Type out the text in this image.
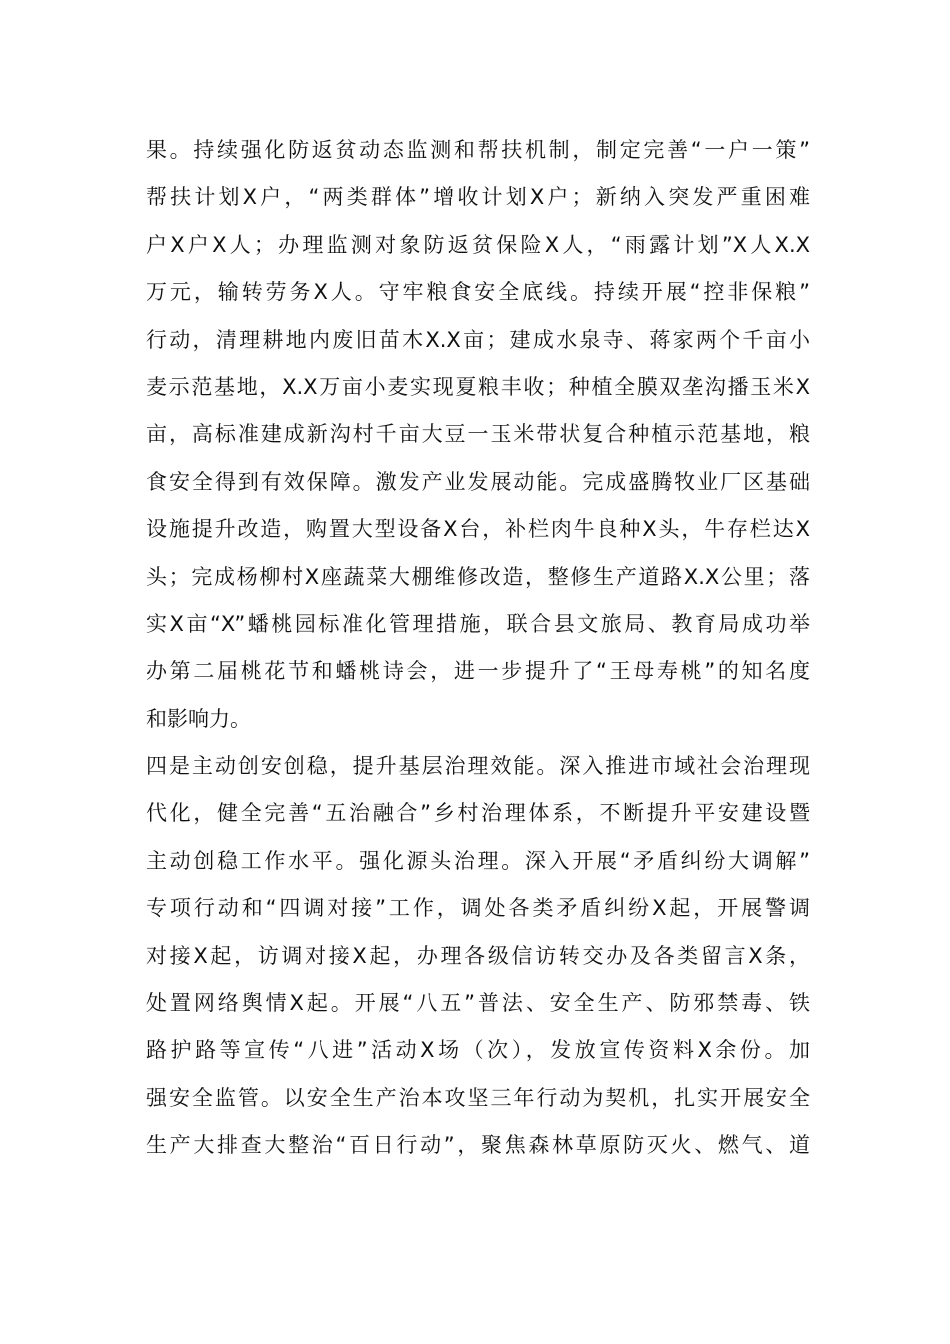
果。持续强化防返贫动态监测和帮扶机制，制定完善“一户一策”
帮扶计划X户，“两类群体”增收计划X户；新纳入突发严重困难
户X户X人；办理监测对象防返贫保险X人，“雨露计划”X人X.X
万元，输转劳务X人。守牢粮食安全底线。持续开展“控非保粮”
行动，清理耕地内废旧苗木X.X亩；建成水泉寺、蒋家两个千亩小
麦示范基地，X.X万亩小麦实现夏粮丰收；种植全膜双垄沟播玉米X
亩，高标准建成新沟村千亩大豆一玉米带状复合种植示范基地，粮
食安全得到有效保障。激发产业发展动能。完成盛腾牧业厂区基础
设施提升改造，购置大型设备X台，补栏肉牛良种X头，牛存栏达X
头；完成杨柳村X座蔬菜大棚维修改造，整修生产道路X.X公里；落
实X亩“X”蟠桃园标准化管理措施，联合县文旅局、教育局成功举
办第二届桃花节和蟠桃诗会，进一步提升了“王母寿桃”的知名度
和影响力。
四是主动创安创稳，提升基层治理效能。深入推进市域社会治理现
代化，健全完善“五治融合”乡村治理体系，不断提升平安建设暨
主动创稳工作水平。强化源头治理。深入开展“矛盾纠纷大调解”
专项行动和“四调对接”工作，调处各类矛盾纠纷X起，开展警调
对接X起，访调对接X起，办理各级信访转交办及各类留言X条，
处置网络舆情X起。开展“八五”普法、安全生产、防邪禁毒、铁
路护路等宣传“八进”活动X场（次），发放宣传资料X余份。加
强安全监管。以安全生产治本攻坚三年行动为契机，扎实开展安全
生产大排查大整治“百日行动”，聚焦森林草原防灭火、燃气、道
